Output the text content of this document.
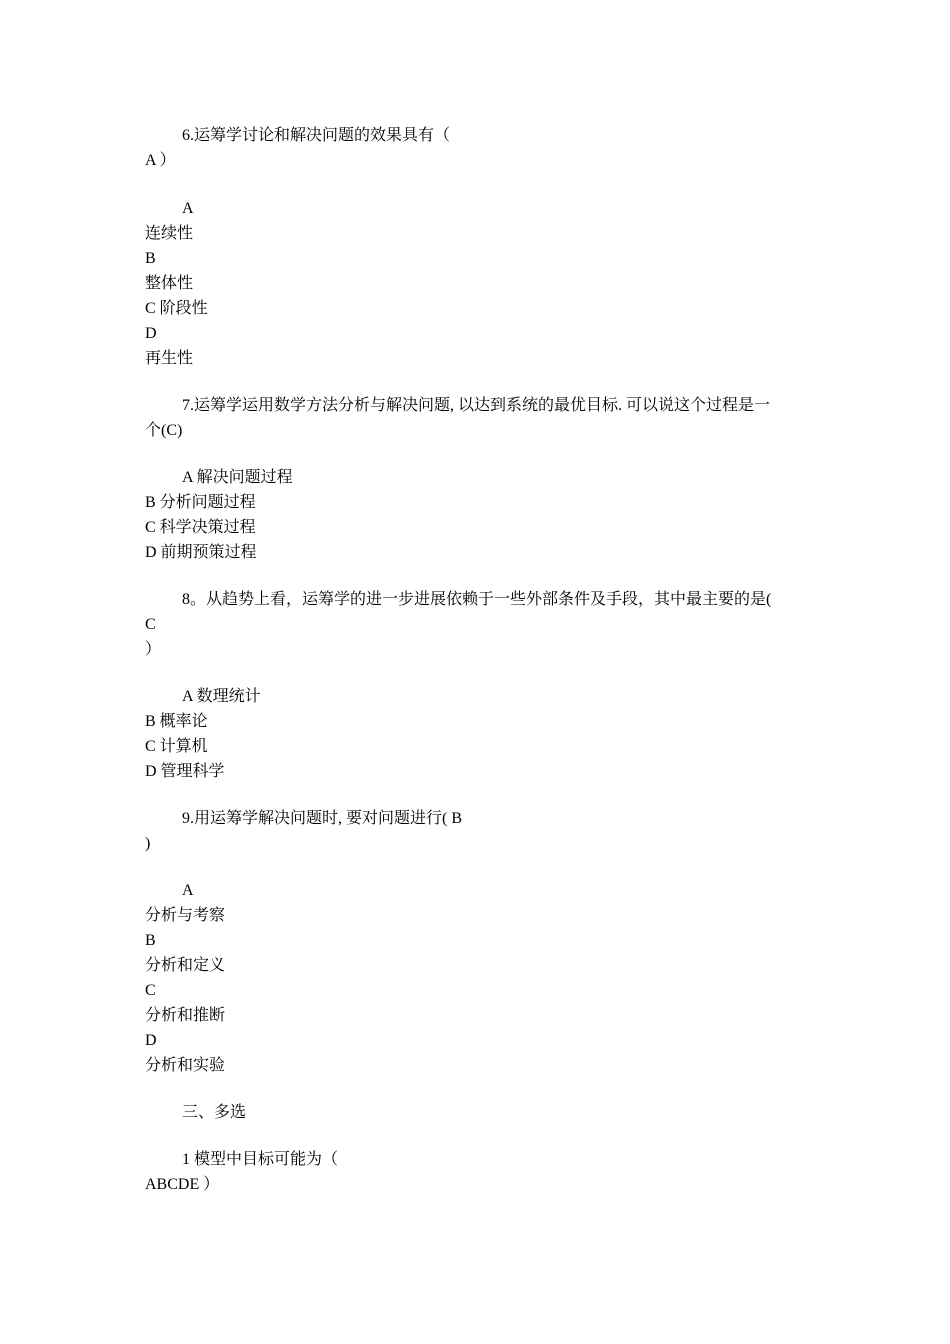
6.运筹学讨论和解决问题的效果具有（
A ）
A
连续性
B
整体性
C 阶段性
D
再生性
7.运筹学运用数学方法分析与解决问题, 以达到系统的最优目标. 可以说这个过程是一
个(C)
A 解决问题过程
B 分析问题过程
C 科学决策过程
D 前期预策过程
8。从趋势上看，运筹学的进一步进展依赖于一些外部条件及手段，其中最主要的是(
C
）
A 数理统计
B 概率论
C 计算机
D 管理科学
9.用运筹学解决问题时, 要对问题进行( B
)
A
分析与考察
B
分析和定义
C
分析和推断
D
分析和实验
三、多选
1 模型中目标可能为（
ABCDE ）
